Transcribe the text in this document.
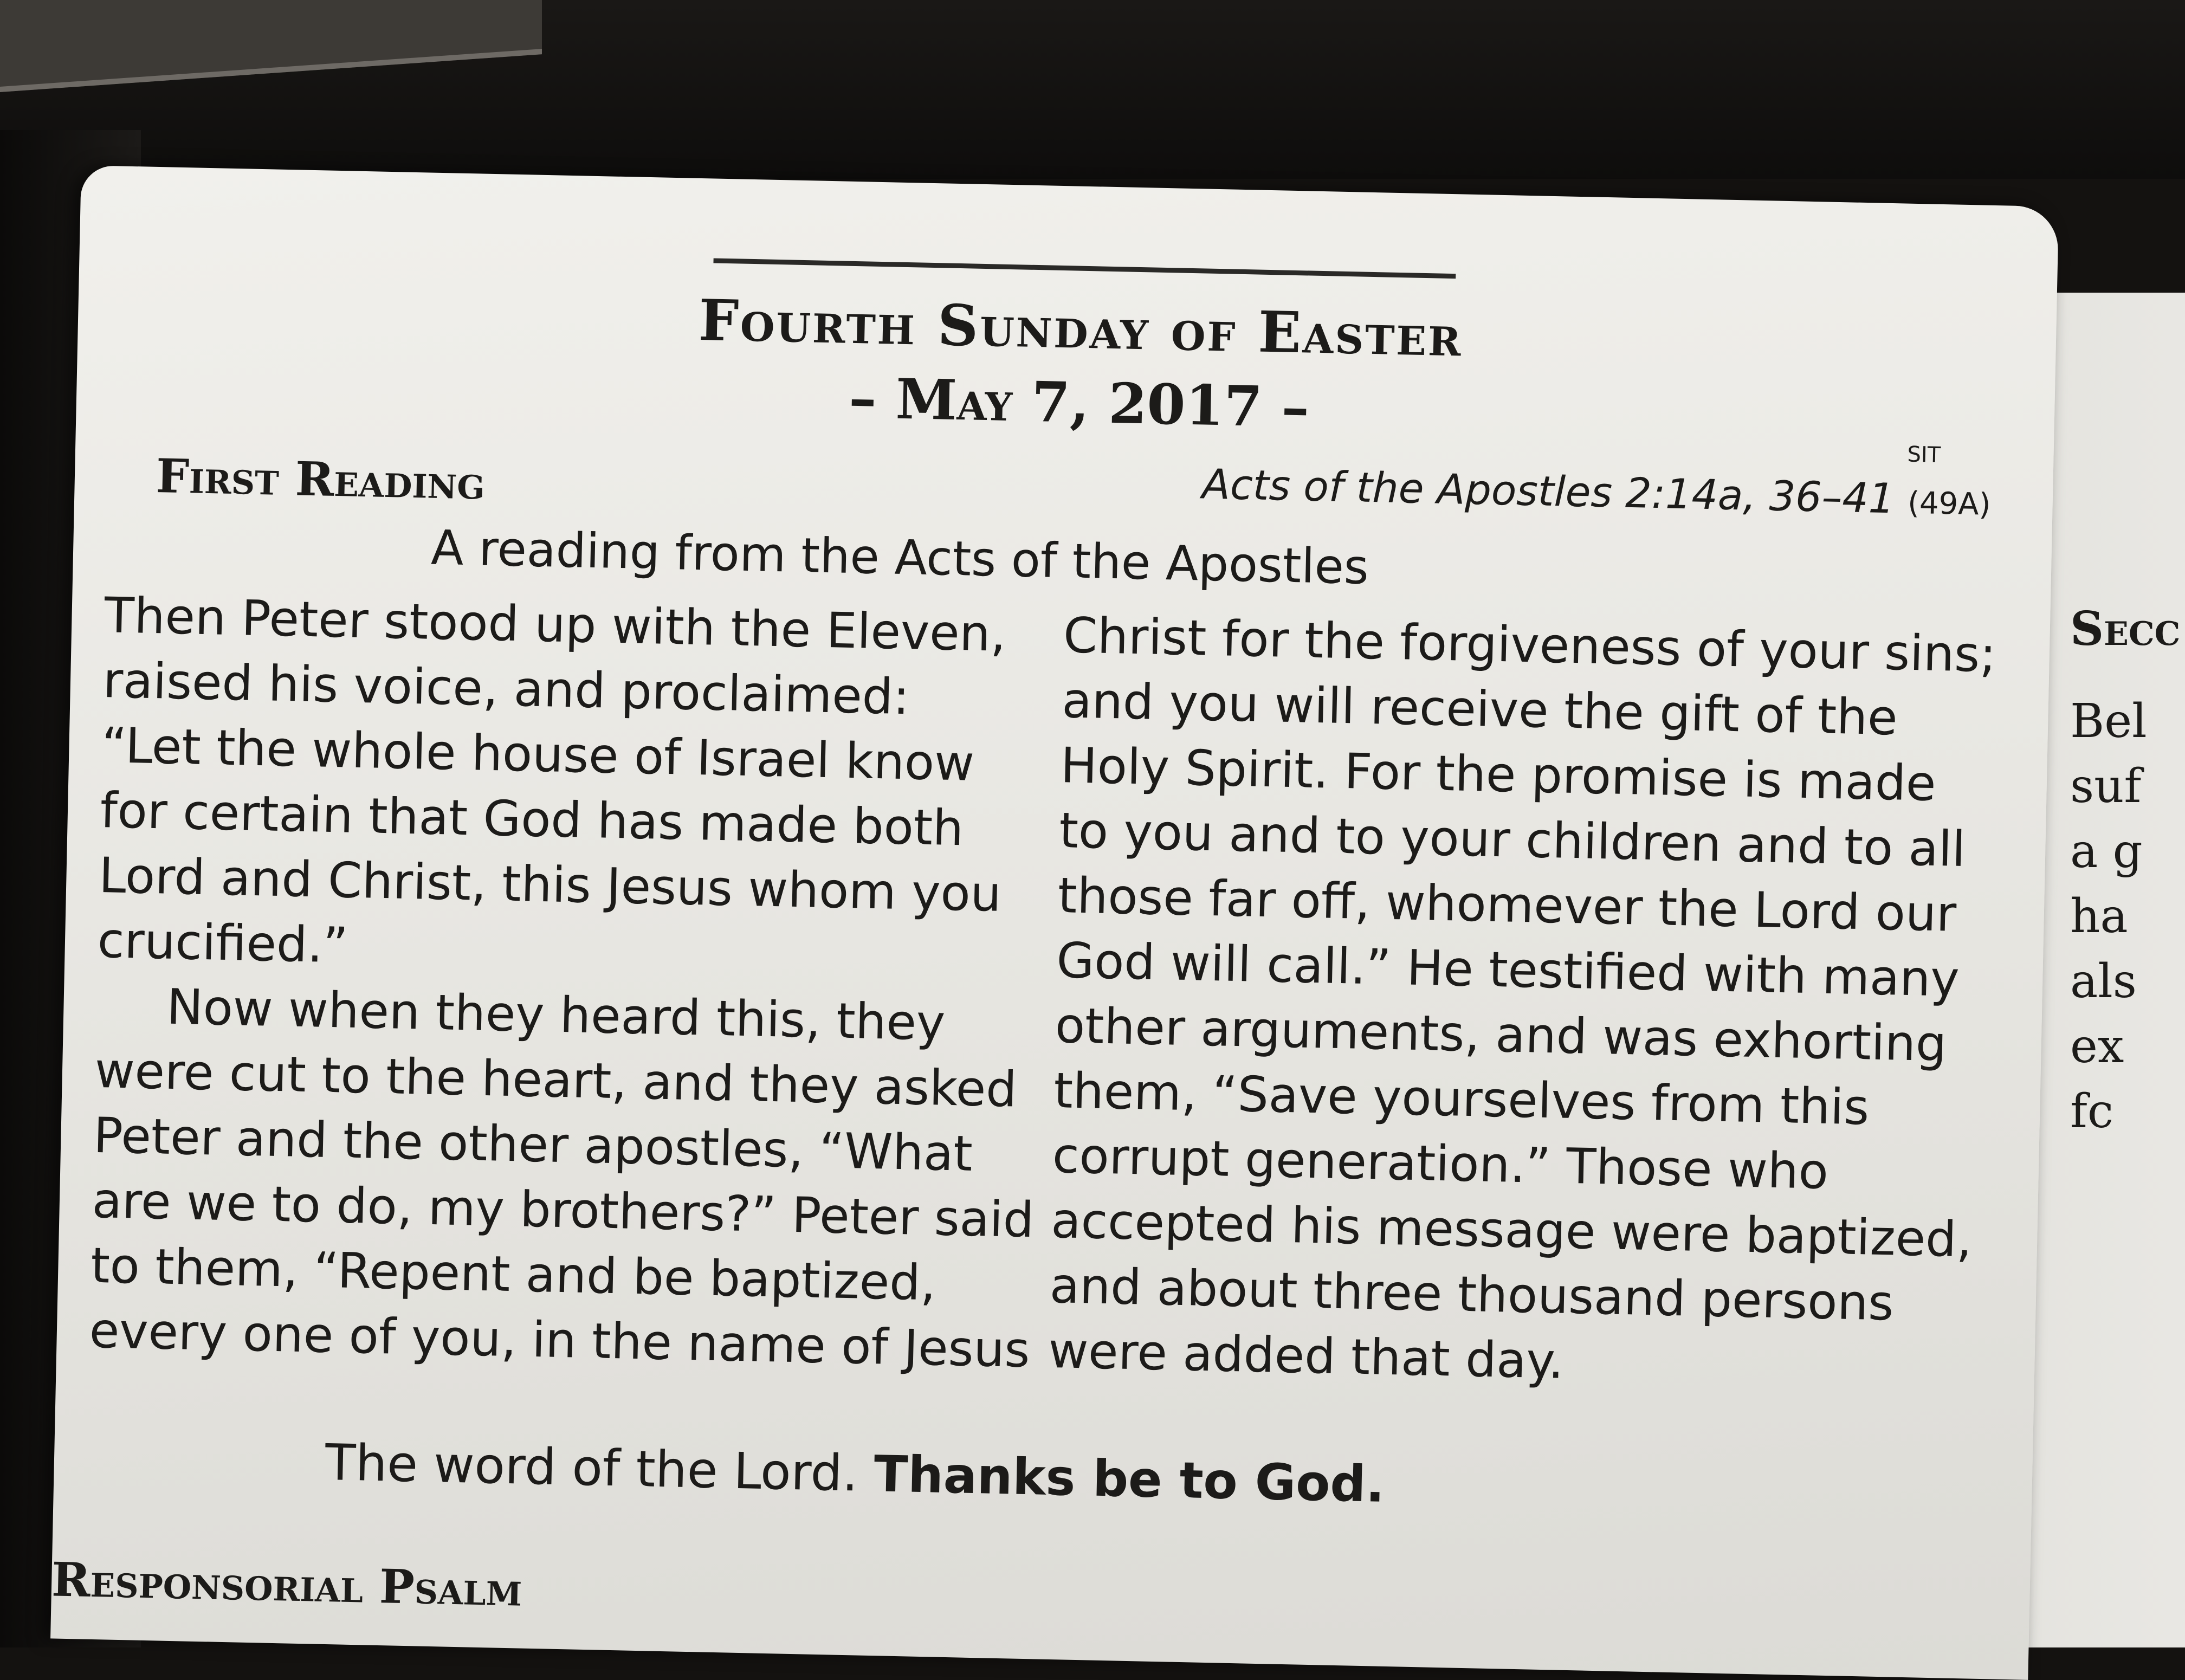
Secc
Bel
suf
a g
ha
als
ex
fc
Fourth Sunday of Easter
– May 7, 2017 –
First Reading	Acts of the Apostles 2:14a, 36–41 (49A)
SIT
A reading from the Acts of the Apostles
Then Peter stood up with the Eleven,
raised his voice, and proclaimed:
“Let the whole house of Israel know
for certain that God has made both
Lord and Christ, this Jesus whom you
crucified.”
Now when they heard this, they
were cut to the heart, and they asked
Peter and the other apostles, “What
are we to do, my brothers?” Peter said
to them, “Repent and be baptized,
every one of you, in the name of Jesus
Christ for the forgiveness of your sins;
and you will receive the gift of the
Holy Spirit. For the promise is made
to you and to your children and to all
those far off, whomever the Lord our
God will call.” He testified with many
other arguments, and was exhorting
them, “Save yourselves from this
corrupt generation.” Those who
accepted his message were baptized,
and about three thousand persons
were added that day.
The word of the Lord. Thanks be to God.
Responsorial Psalm
